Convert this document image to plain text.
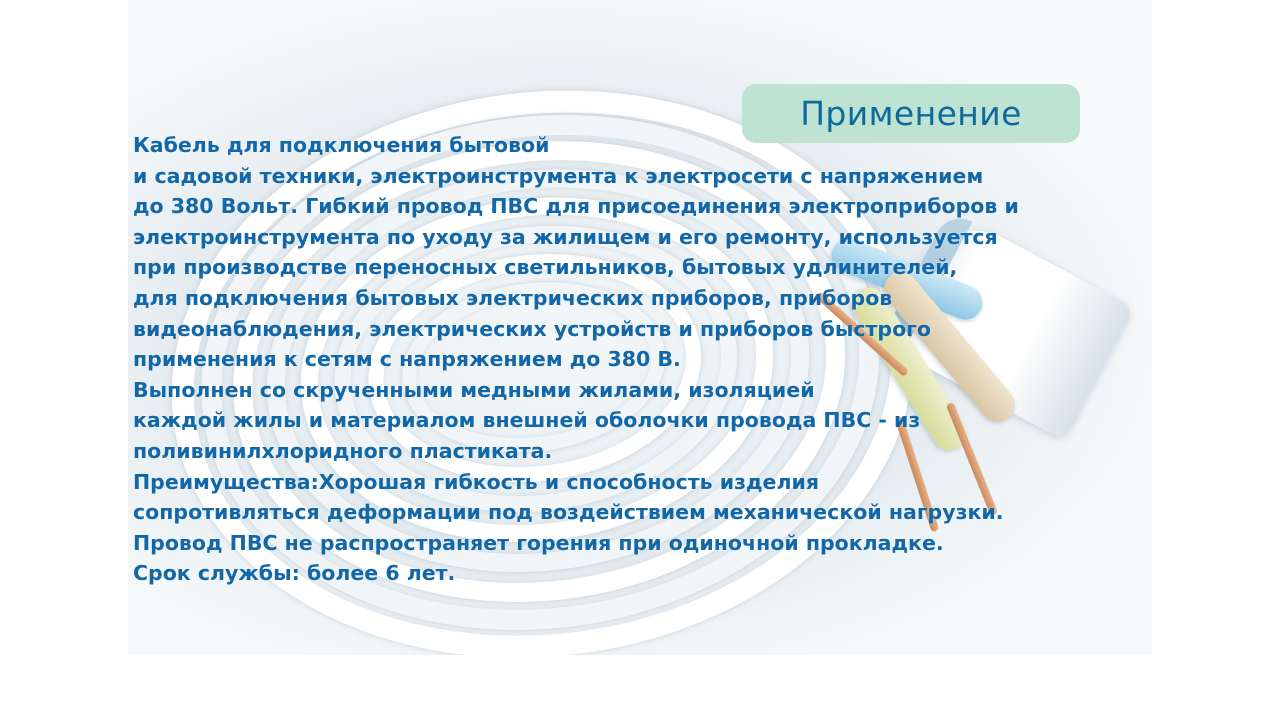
Применение

Кабель для подключения бытовой

и садовой техники, электроинструмента к электросети с напряжением

до 380 Вольт. Гибкий провод ПВС для присоединения электроприборов и

электроинструмента по уходу за жилищем и его ремонту, используется

при производстве переносных светильников, бытовых удлинителей,

для подключения бытовых электрических приборов, приборов

видеонаблюдения, электрических устройств и приборов быстрого

применения к сетям с напряжением до 380 В.

Выполнен со скрученными медными жилами, изоляцией

каждой жилы и материалом внешней оболочки провода ПВС - из

поливинилхлоридного пластиката.

Преимущества:Хорошая гибкость и способность изделия

сопротивляться деформации под воздействием механической нагрузки.

Провод ПВС не распространяет горения при одиночной прокладке.

Срок службы: более 6 лет.
